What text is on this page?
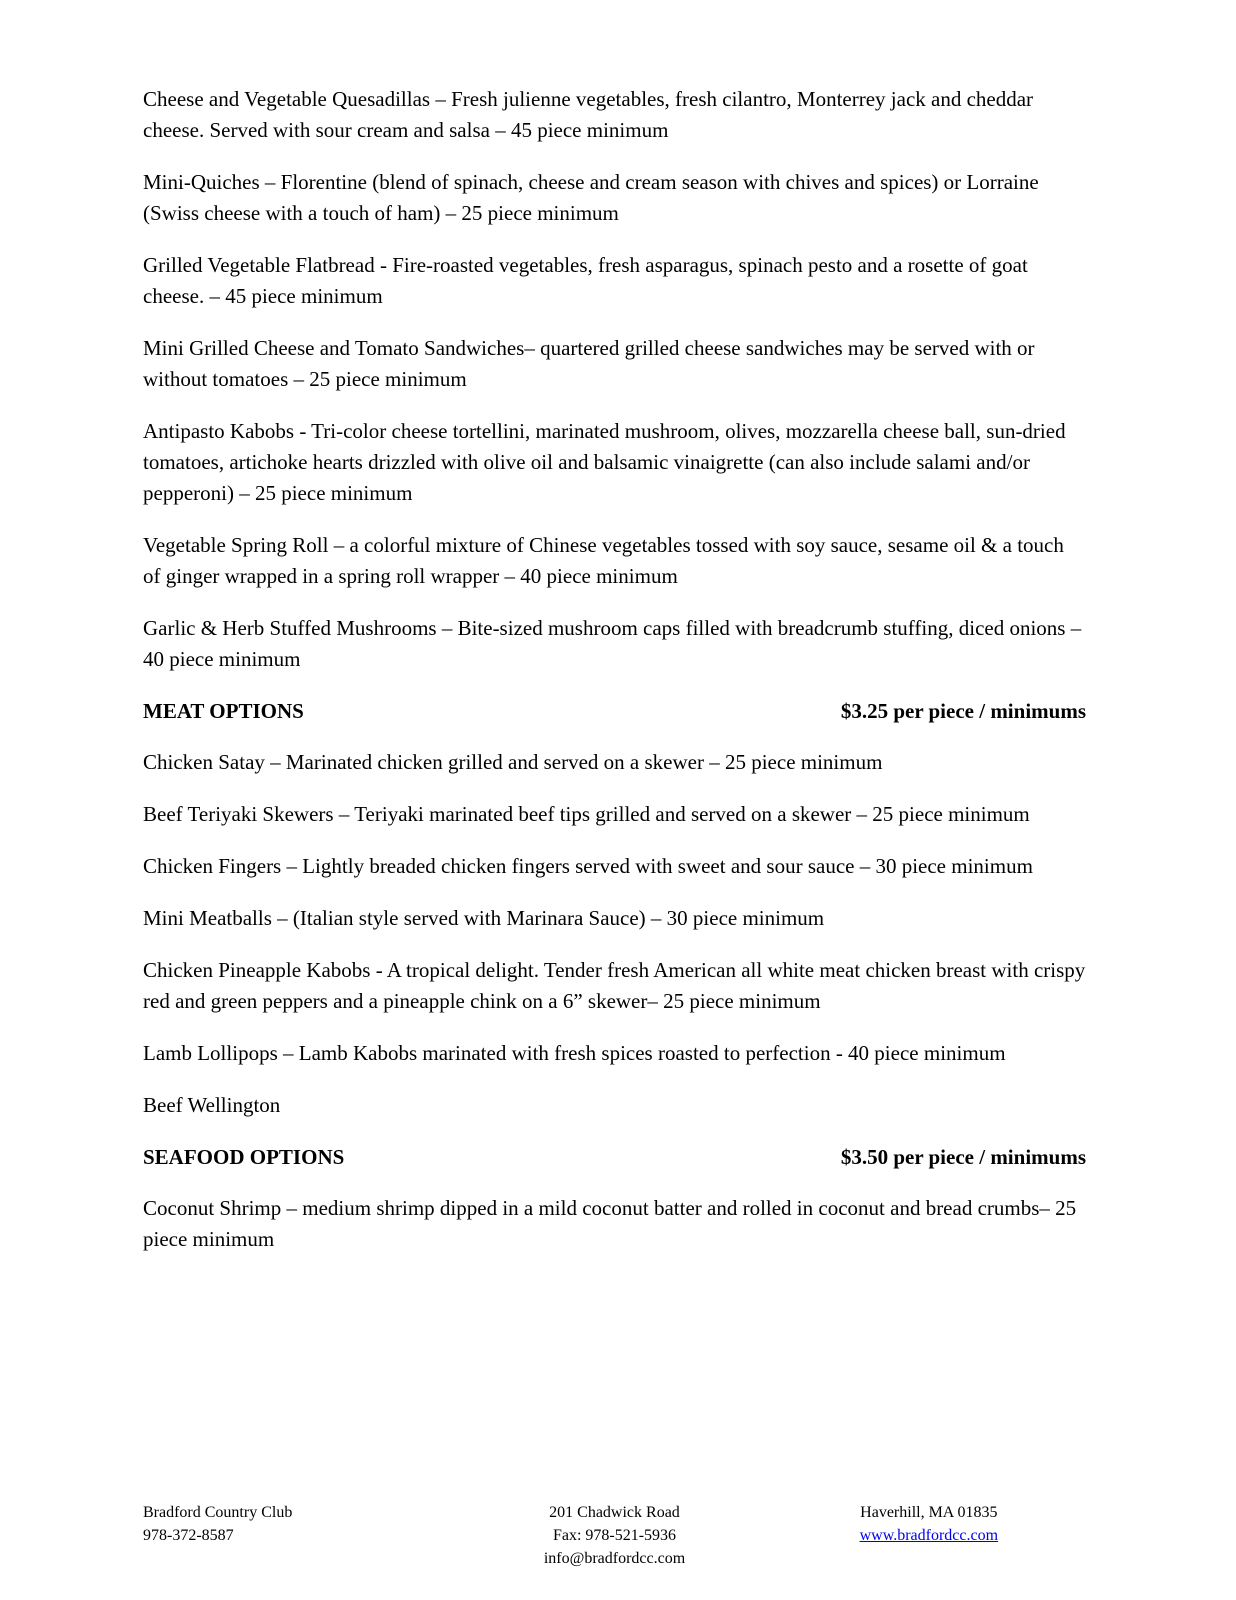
Cheese and Vegetable Quesadillas – Fresh julienne vegetables, fresh cilantro, Monterrey jack and cheddar cheese. Served with sour cream and salsa – 45 piece minimum

Mini-Quiches – Florentine (blend of spinach, cheese and cream season with chives and spices) or Lorraine (Swiss cheese with a touch of ham) – 25 piece minimum

Grilled Vegetable Flatbread - Fire-roasted vegetables, fresh asparagus, spinach pesto and a rosette of goat cheese. – 45 piece minimum

Mini Grilled Cheese and Tomato Sandwiches– quartered grilled cheese sandwiches may be served with or without tomatoes – 25 piece minimum

Antipasto Kabobs - Tri-color cheese tortellini, marinated mushroom, olives, mozzarella cheese ball, sun-dried tomatoes, artichoke hearts drizzled with olive oil and balsamic vinaigrette (can also include salami and/or pepperoni) – 25 piece minimum

Vegetable Spring Roll – a colorful mixture of Chinese vegetables tossed with soy sauce, sesame oil & a touch of ginger wrapped in a spring roll wrapper – 40 piece minimum

Garlic & Herb Stuffed Mushrooms – Bite-sized mushroom caps filled with breadcrumb stuffing, diced onions – 40 piece minimum

MEAT OPTIONS	$3.25 per piece / minimums

Chicken Satay – Marinated chicken grilled and served on a skewer – 25 piece minimum

Beef Teriyaki Skewers – Teriyaki marinated beef tips grilled and served on a skewer – 25 piece minimum

Chicken Fingers – Lightly breaded chicken fingers served with sweet and sour sauce – 30 piece minimum

Mini Meatballs – (Italian style served with Marinara Sauce) – 30 piece minimum

Chicken Pineapple Kabobs - A tropical delight. Tender fresh American all white meat chicken breast with crispy red and green peppers and a pineapple chink on a 6” skewer– 25 piece minimum

Lamb Lollipops – Lamb Kabobs marinated with fresh spices roasted to perfection - 40 piece minimum

Beef Wellington

SEAFOOD OPTIONS	$3.50 per piece / minimums

Coconut Shrimp – medium shrimp dipped in a mild coconut batter and rolled in coconut and bread crumbs– 25 piece minimum

Bradford Country Club
978-372-8587
201 Chadwick Road
Fax: 978-521-5936
info@bradfordcc.com
Haverhill, MA 01835
www.bradfordcc.com
